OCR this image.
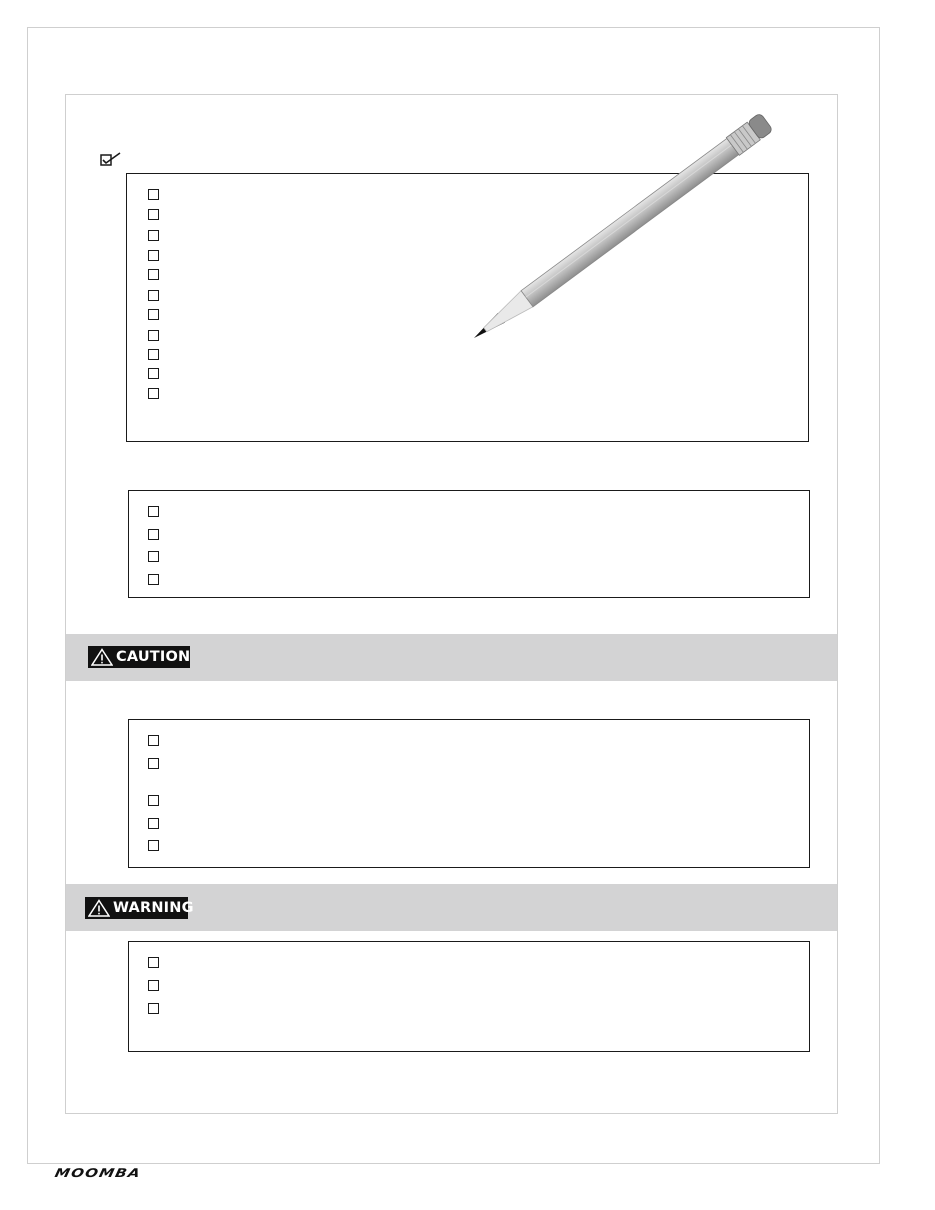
CAUTION
WARNING
MOOMBA
